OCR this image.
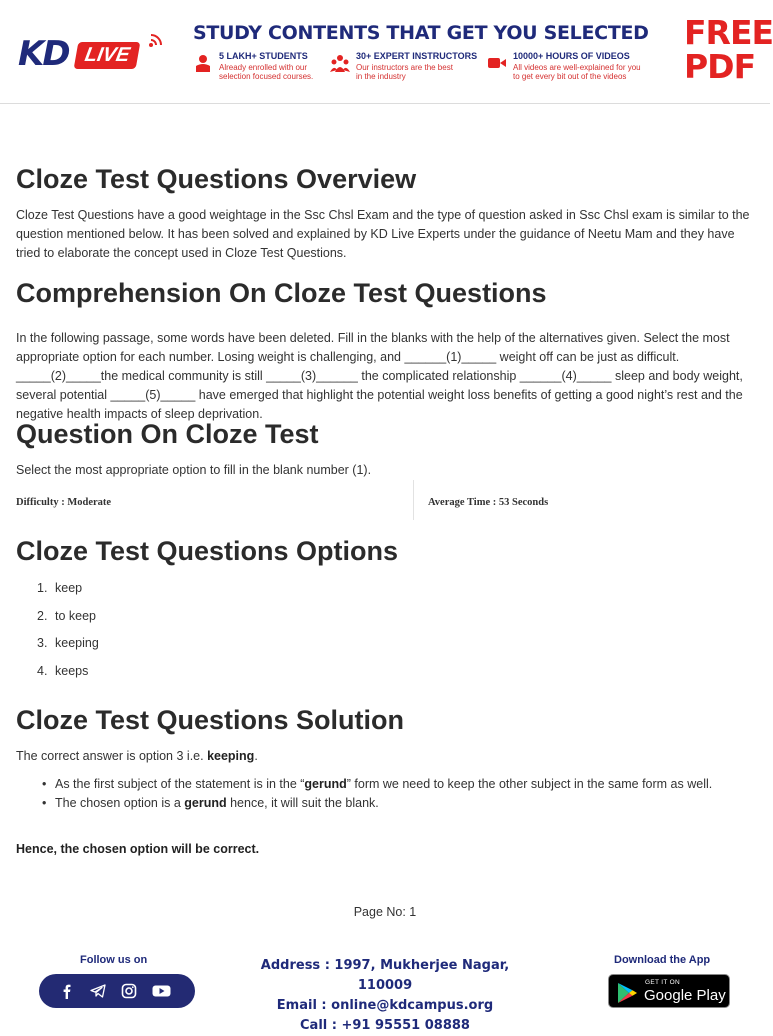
KD LIVE
STUDY CONTENTS THAT GET YOU SELECTED
5 LAKH+ STUDENTS
Already enrolled with our
selection focused courses.
30+ EXPERT INSTRUCTORS
Our instructors are the best
in the industry
10000+ HOURS OF VIDEOS
All videos are well-explained for you
to get every bit out of the videos
FREE
PDF
Cloze Test Questions Overview

Cloze Test Questions have a good weightage in the Ssc Chsl Exam and the type of question asked in Ssc Chsl exam is similar to the question mentioned below. It has been solved and explained by KD Live Experts under the guidance of Neetu Mam and they have tried to elaborate the concept used in Cloze Test Questions.

Comprehension On Cloze Test Questions

In the following passage, some words have been deleted. Fill in the blanks with the help of the alternatives given. Select the most appropriate option for each number. Losing weight is challenging, and ______(1)_____ weight off can be just as difficult. _____(2)_____the medical community is still _____(3)______ the complicated relationship ______(4)_____ sleep and body weight, several potential _____(5)_____ have emerged that highlight the potential weight loss benefits of getting a good night’s rest and the negative health impacts of sleep deprivation.

Question On Cloze Test

Select the most appropriate option to fill in the blank number (1).

Difficulty : Moderate	Average Time : 53 Seconds
Cloze Test Questions Options
1. keep
2. to keep
3. keeping
4. keeps
Cloze Test Questions Solution

The correct answer is option 3 i.e. keeping.

• As the first subject of the statement is in the “gerund” form we need to keep the other subject in the same form as well.
• The chosen option is a gerund hence, it will suit the blank.

Hence, the chosen option will be correct.

Page No: 1
Follow us on	Address : 1997, Mukherjee Nagar, 110009
Email : online@kdcampus.org
Call : +91 95551 08888
Download the App
GET IT ON
Google Play
